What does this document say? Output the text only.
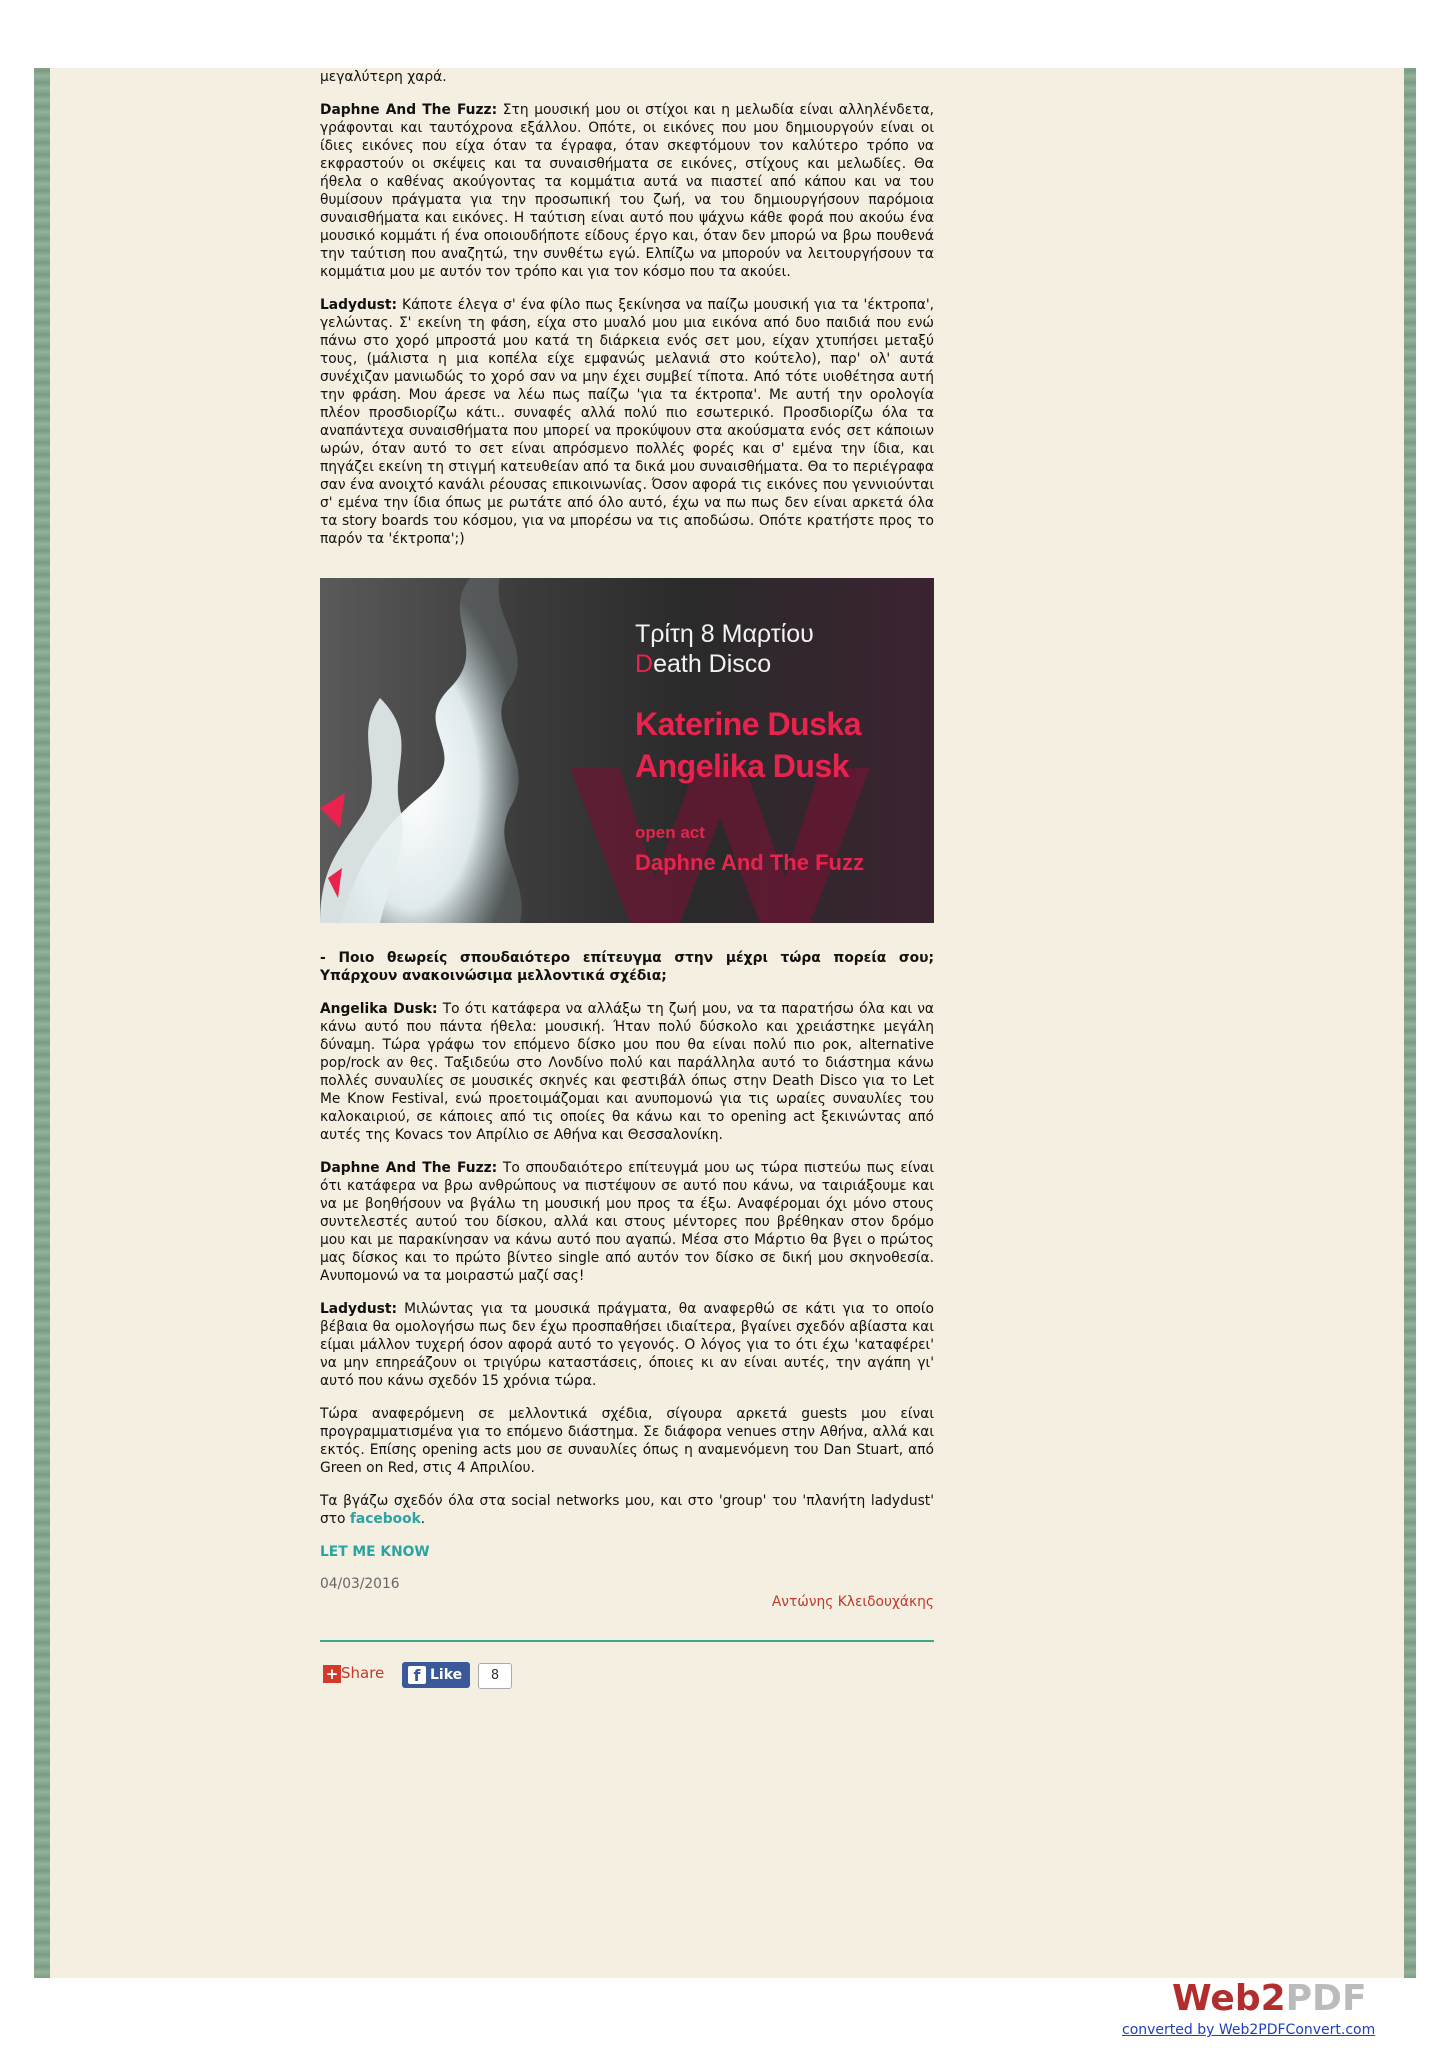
μεγαλύτερη χαρά.

Daphne And The Fuzz: Στη μουσική μου οι στίχοι και η μελωδία είναι αλληλένδετα, γράφονται και ταυτόχρονα εξάλλου. Οπότε, οι εικόνες που μου δημιουργούν είναι οι ίδιες εικόνες που είχα όταν τα έγραφα, όταν σκεφτόμουν τον καλύτερο τρόπο να εκφραστούν οι σκέψεις και τα συναισθήματα σε εικόνες, στίχους και μελωδίες. Θα ήθελα ο καθένας ακούγοντας τα κομμάτια αυτά να πιαστεί από κάπου και να του θυμίσουν πράγματα για την προσωπική του ζωή, να του δημιουργήσουν παρόμοια συναισθήματα και εικόνες. Η ταύτιση είναι αυτό που ψάχνω κάθε φορά που ακούω ένα μουσικό κομμάτι ή ένα οποιουδήποτε είδους έργο και, όταν δεν μπορώ να βρω πουθενά την ταύτιση που αναζητώ, την συνθέτω εγώ. Ελπίζω να μπορούν να λειτουργήσουν τα κομμάτια μου με αυτόν τον τρόπο και για τον κόσμο που τα ακούει.

Ladydust: Κάποτε έλεγα σ' ένα φίλο πως ξεκίνησα να παίζω μουσική για τα 'έκτροπα', γελώντας. Σ' εκείνη τη φάση, είχα στο μυαλό μου μια εικόνα από δυο παιδιά που ενώ πάνω στο χορό μπροστά μου κατά τη διάρκεια ενός σετ μου, είχαν χτυπήσει μεταξύ τους, (μάλιστα η μια κοπέλα είχε εμφανώς μελανιά στο κούτελο), παρ' ολ' αυτά συνέχιζαν μανιωδώς το χορό σαν να μην έχει συμβεί τίποτα. Από τότε υιοθέτησα αυτή την φράση. Μου άρεσε να λέω πως παίζω 'για τα έκτροπα'. Με αυτή την ορολογία πλέον προσδιορίζω κάτι.. συναφές αλλά πολύ πιο εσωτερικό. Προσδιορίζω όλα τα αναπάντεχα συναισθήματα που μπορεί να προκύψουν στα ακούσματα ενός σετ κάποιων ωρών, όταν αυτό το σετ είναι απρόσμενο πολλές φορές και σ' εμένα την ίδια, και πηγάζει εκείνη τη στιγμή κατευθείαν από τα δικά μου συναισθήματα. Θα το περιέγραφα σαν ένα ανοιχτό κανάλι ρέουσας επικοινωνίας. Όσον αφορά τις εικόνες που γεννιούνται σ' εμένα την ίδια όπως με ρωτάτε από όλο αυτό, έχω να πω πως δεν είναι αρκετά όλα τα story boards του κόσμου, για να μπορέσω να τις αποδώσω. Οπότε κρατήστε προς το παρόν τα 'έκτροπα';)

Τρίτη 8 Μαρτίου
Death Disco
Katerine Duska
Angelika Dusk
open act
Daphne And The Fuzz

- Ποιο θεωρείς σπουδαιότερο επίτευγμα στην μέχρι τώρα πορεία σου; Υπάρχουν ανακοινώσιμα μελλοντικά σχέδια;

Angelika Dusk: Το ότι κατάφερα να αλλάξω τη ζωή μου, να τα παρατήσω όλα και να κάνω αυτό που πάντα ήθελα: μουσική. Ήταν πολύ δύσκολο και χρειάστηκε μεγάλη δύναμη. Τώρα γράφω τον επόμενο δίσκο μου που θα είναι πολύ πιο ροκ, alternative pop/rock αν θες. Ταξιδεύω στο Λονδίνο πολύ και παράλληλα αυτό το διάστημα κάνω πολλές συναυλίες σε μουσικές σκηνές και φεστιβάλ όπως στην Death Disco για το Let Me Know Festival, ενώ προετοιμάζομαι και ανυπομονώ για τις ωραίες συναυλίες του καλοκαιριού, σε κάποιες από τις οποίες θα κάνω και το opening act ξεκινώντας από αυτές της Kovacs τον Απρίλιο σε Αθήνα και Θεσσαλονίκη.

Daphne And The Fuzz: Το σπουδαιότερο επίτευγμά μου ως τώρα πιστεύω πως είναι ότι κατάφερα να βρω ανθρώπους να πιστέψουν σε αυτό που κάνω, να ταιριάξουμε και να με βοηθήσουν να βγάλω τη μουσική μου προς τα έξω. Αναφέρομαι όχι μόνο στους συντελεστές αυτού του δίσκου, αλλά και στους μέντορες που βρέθηκαν στον δρόμο μου και με παρακίνησαν να κάνω αυτό που αγαπώ. Μέσα στο Μάρτιο θα βγει ο πρώτος μας δίσκος και το πρώτο βίντεο single από αυτόν τον δίσκο σε δική μου σκηνοθεσία. Ανυπομονώ να τα μοιραστώ μαζί σας!

Ladydust: Μιλώντας για τα μουσικά πράγματα, θα αναφερθώ σε κάτι για το οποίο βέβαια θα ομολογήσω πως δεν έχω προσπαθήσει ιδιαίτερα, βγαίνει σχεδόν αβίαστα και είμαι μάλλον τυχερή όσον αφορά αυτό το γεγονός. Ο λόγος για το ότι έχω 'καταφέρει' να μην επηρεάζουν οι τριγύρω καταστάσεις, όποιες κι αν είναι αυτές, την αγάπη γι' αυτό που κάνω σχεδόν 15 χρόνια τώρα.

Τώρα αναφερόμενη σε μελλοντικά σχέδια, σίγουρα αρκετά guests μου είναι προγραμματισμένα για το επόμενο διάστημα. Σε διάφορα venues στην Αθήνα, αλλά και εκτός. Επίσης opening acts μου σε συναυλίες όπως η αναμενόμενη του Dan Stuart, από Green on Red, στις 4 Απριλίου.

Τα βγάζω σχεδόν όλα στα social networks μου, και στο 'group' του 'πλανήτη ladydust' στο facebook.

LET ME KNOW

04/03/2016
Αντώνης Κλειδουχάκης
+ Share	f Like	8
Web2PDF
converted by Web2PDFConvert.com
